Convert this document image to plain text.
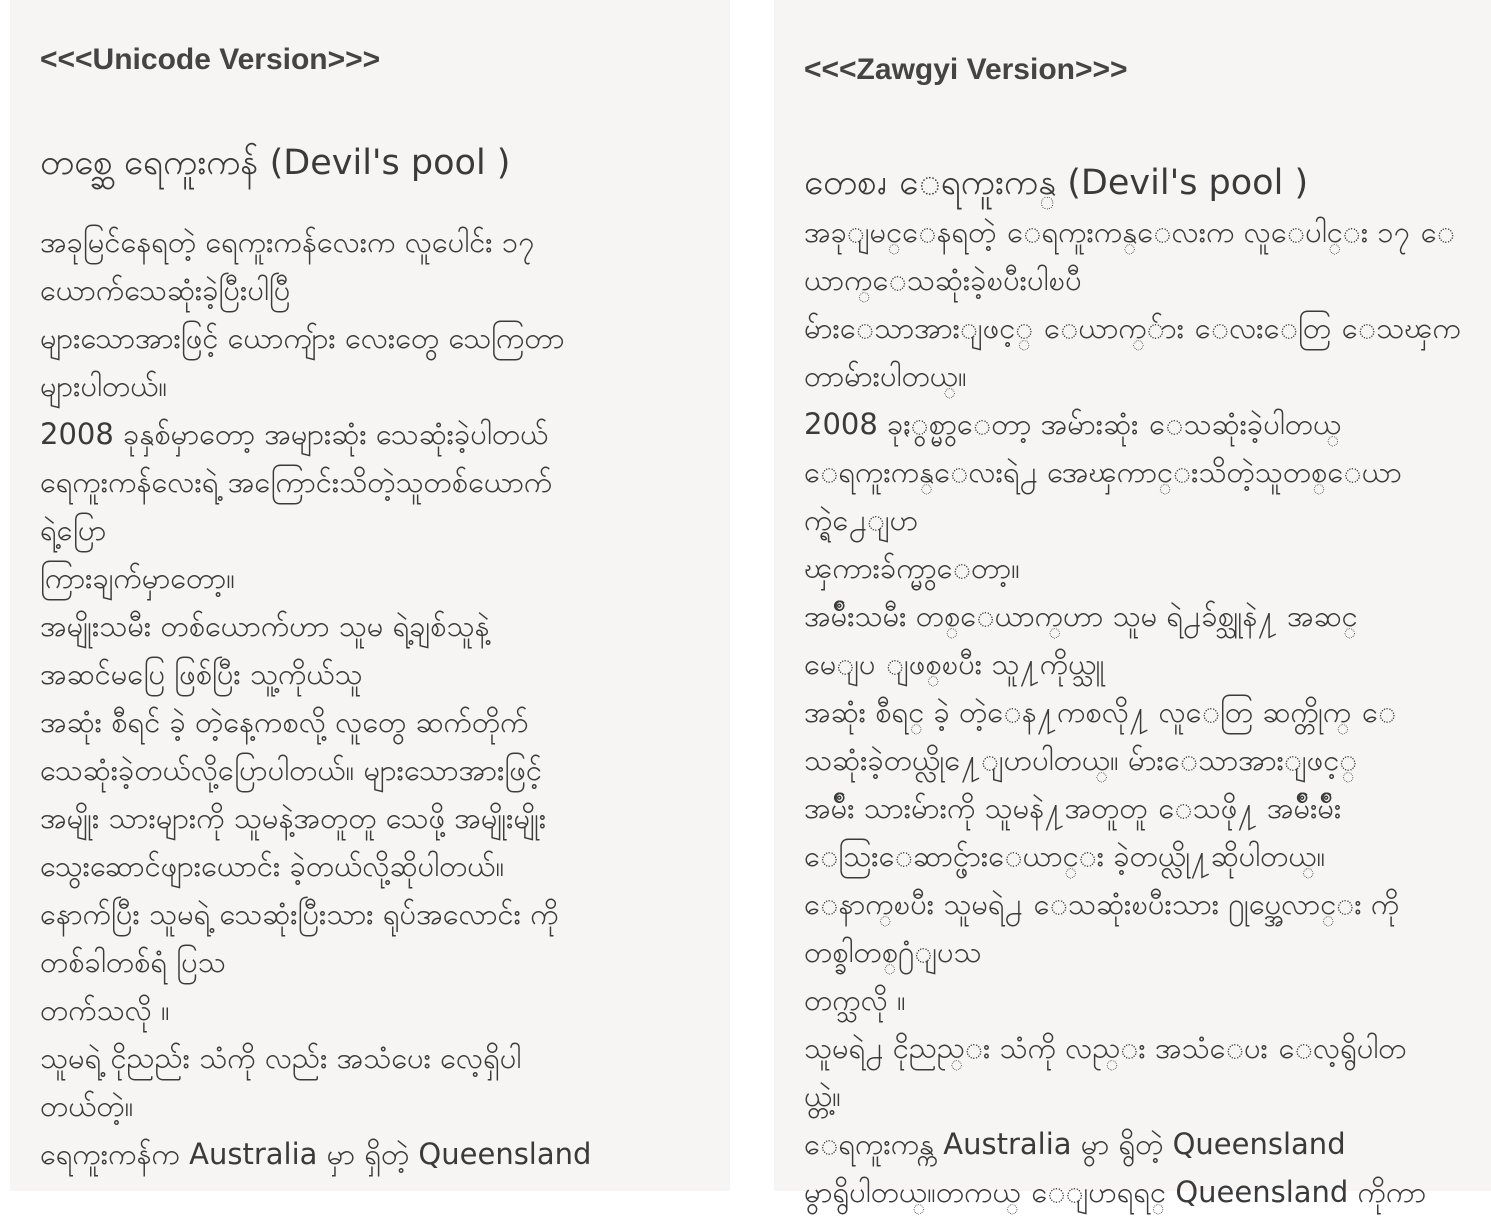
<<<Unicode Version>>>
တစ္ဆေ ရေကူးကန် (Devil's pool )
အခုမြင်နေရတဲ့ ရေကူးကန်လေးက လူပေါင်း ၁၇
ယောက်သေဆုံးခဲ့ပြီးပါပြီ
များသောအားဖြင့် ယောကျ်ား လေးတွေ သေကြတာ
များပါတယ်။
2008 ခုနှစ်မှာတော့ အများဆုံး သေဆုံးခဲ့ပါတယ်
ရေကူးကန်လေးရဲ့ အကြောင်းသိတဲ့သူတစ်ယောက်
ရဲ့ပြော
ကြားချက်မှာတော့။
အမျိုးသမီး တစ်ယောက်ဟာ သူမ ရဲ့ချစ်သူနဲ့
အဆင်မပြေ ဖြစ်ပြီး သူ့ကိုယ်သူ
အဆုံး စီရင် ခဲ့ တဲ့နေ့ကစလို့ လူတွေ ဆက်တိုက်
သေဆုံးခဲ့တယ်လို့ပြောပါတယ်။ များသောအားဖြင့်
အမျိုး သားများကို သူမနဲ့အတူတူ သေဖို့ အမျိုးမျိုး
သွေးဆောင်ဖျားယောင်း ခဲ့တယ်လို့ဆိုပါတယ်။
နောက်ပြီး သူမရဲ့ သေဆုံးပြီးသား ရုပ်အလောင်း ကို
တစ်ခါတစ်ရံ ပြသ
တက်သလို ။
သူမရဲ့ ငိုညည်း သံကို လည်း အသံပေး လေ့ရှိပါ
တယ်တဲ့။
ရေကူးကန်က Australia မှာ ရှိတဲ့ Queensland
<<<Zawgyi Version>>>
တေစၧ ေရကူးကန္ (Devil's pool )
အခုျမင္ေနရတဲ့ ေရကူးကန္ေလးက လူေပါင္း ၁၇ ေ
ယာက္ေသဆုံးခဲ့ၿပီးပါၿပီ
မ်ားေသာအားျဖင့္ ေယာက္်ား ေလးေတြ ေသၾက
တာမ်ားပါတယ္။
2008 ခုႏွစ္မွာေတာ့ အမ်ားဆုံး ေသဆုံးခဲ့ပါတယ္
ေရကူးကန္ေလးရဲ႕ အေၾကာင္းသိတဲ့သူတစ္ေယာ
က္ရဲ႕ေျပာ
ၾကားခ်က္မွာေတာ့။
အမ်ိဳးသမီး တစ္ေယာက္ဟာ သူမ ရဲ႕ခ်စ္သူနဲ႔ အဆင္
မေျပ ျဖစ္ၿပီး သူ႔ကိုယ္သူ
အဆုံး စီရင္ ခဲ့ တဲ့ေန႔ကစလို႔ လူေတြ ဆက္တိုက္ ေ
သဆုံးခဲ့တယ္လို႔ေျပာပါတယ္။ မ်ားေသာအားျဖင့္
အမ်ိဳး သားမ်ားကို သူမနဲ႔အတူတူ ေသဖို႔ အမ်ိဳးမ်ိဳး
ေသြးေဆာင္ဖ်ားေယာင္း ခဲ့တယ္လို႔ဆိုပါတယ္။
ေနာက္ၿပီး သူမရဲ႕ ေသဆုံးၿပီးသား ႐ုပ္အေလာင္း ကို
တစ္ခါတစ္႐ံျပသ
တက္သလို ။
သူမရဲ႕ ငိုညည္း သံကို လည္း အသံေပး ေလ့ရွိပါတ
ယ္တဲ့။
ေရကူးကန္က Australia မွာ ရွိတဲ့ Queensland
မွာရွိပါတယ္။တကယ္ ေျပာရရင္ Queensland ကိုကာ
